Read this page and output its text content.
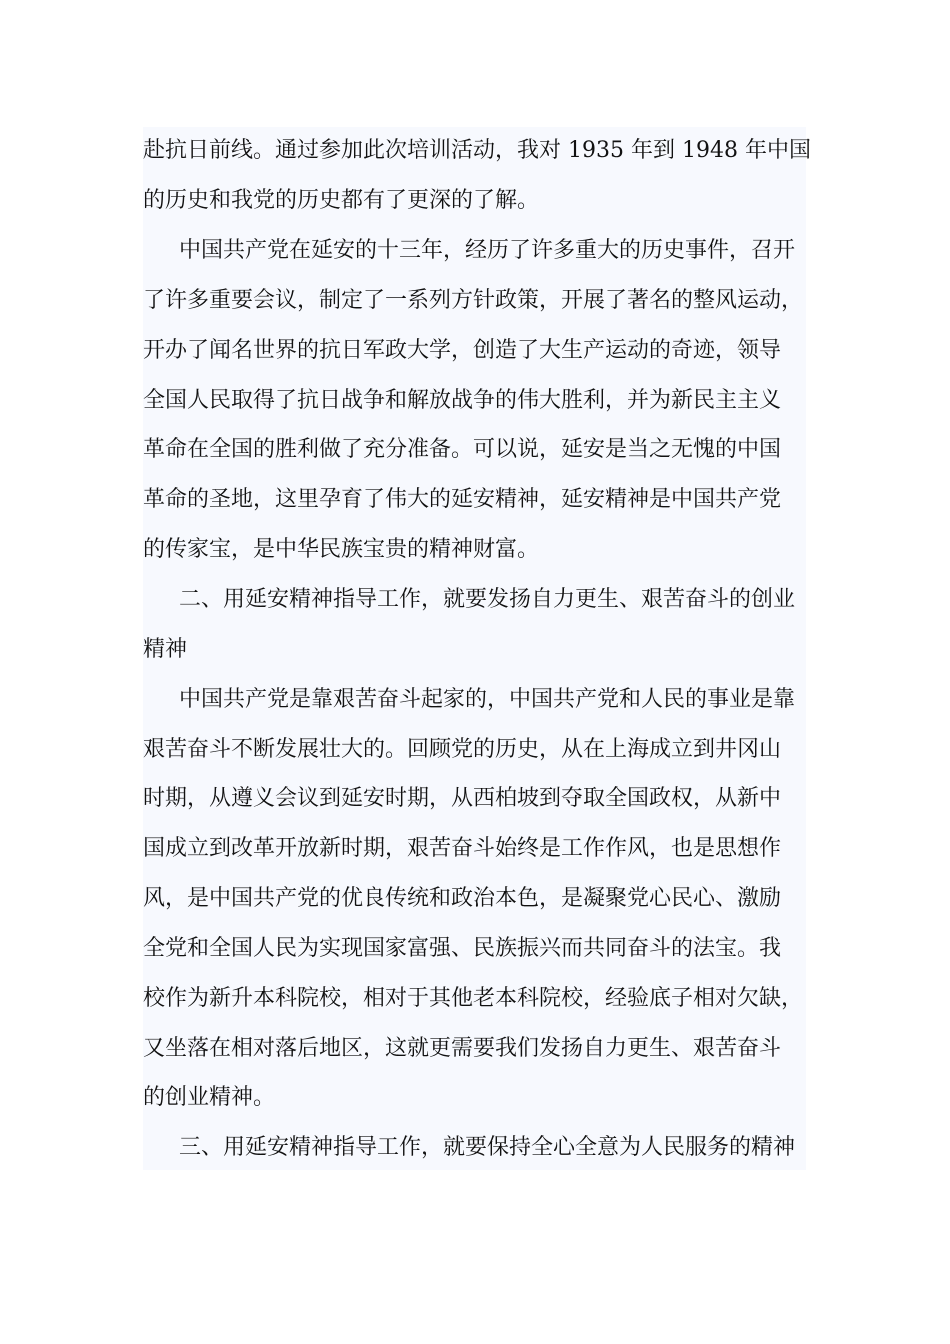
赴抗日前线。通过参加此次培训活动，我对 1935 年到 1948 年中国
的历史和我党的历史都有了更深的了解。
中国共产党在延安的十三年，经历了许多重大的历史事件，召开
了许多重要会议，制定了一系列方针政策，开展了著名的整风运动，
开办了闻名世界的抗日军政大学，创造了大生产运动的奇迹，领导
全国人民取得了抗日战争和解放战争的伟大胜利，并为新民主主义
革命在全国的胜利做了充分准备。可以说，延安是当之无愧的中国
革命的圣地，这里孕育了伟大的延安精神，延安精神是中国共产党
的传家宝，是中华民族宝贵的精神财富。
二、用延安精神指导工作，就要发扬自力更生、艰苦奋斗的创业
精神
中国共产党是靠艰苦奋斗起家的，中国共产党和人民的事业是靠
艰苦奋斗不断发展壮大的。回顾党的历史，从在上海成立到井冈山
时期，从遵义会议到延安时期，从西柏坡到夺取全国政权，从新中
国成立到改革开放新时期，艰苦奋斗始终是工作作风，也是思想作
风，是中国共产党的优良传统和政治本色，是凝聚党心民心、激励
全党和全国人民为实现国家富强、民族振兴而共同奋斗的法宝。我
校作为新升本科院校，相对于其他老本科院校，经验底子相对欠缺，
又坐落在相对落后地区，这就更需要我们发扬自力更生、艰苦奋斗
的创业精神。
三、用延安精神指导工作，就要保持全心全意为人民服务的精神
